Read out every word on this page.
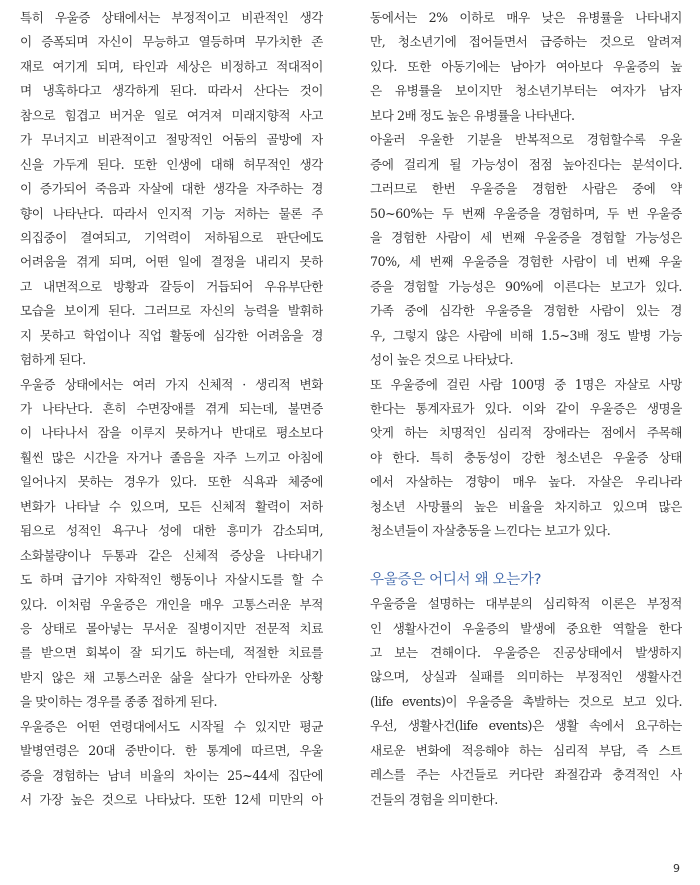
특히 우울증 상태에서는 부정적이고 비관적인 생각
이 증폭되며 자신이 무능하고 열등하며 무가치한 존
재로 여기게 되며, 타인과 세상은 비정하고 적대적이
며 냉혹하다고 생각하게 된다. 따라서 산다는 것이
참으로 힘겹고 버거운 일로 여겨져 미래지향적 사고
가 무너지고 비관적이고 절망적인 어둠의 골방에 자
신을 가두게 된다. 또한 인생에 대해 허무적인 생각
이 증가되어 죽음과 자살에 대한 생각을 자주하는 경
향이 나타난다. 따라서 인지적 기능 저하는 물론 주
의집중이 결여되고, 기억력이 저하됨으로 판단에도
어려움을 겪게 되며, 어떤 일에 결정을 내리지 못하
고 내면적으로 방황과 갈등이 거듭되어 우유부단한
모습을 보이게 된다. 그러므로 자신의 능력을 발휘하
지 못하고 학업이나 직업 활동에 심각한 어려움을 경
험하게 된다.
우울증 상태에서는 여러 가지 신체적 · 생리적 변화
가 나타난다. 흔히 수면장애를 겪게 되는데, 불면증
이 나타나서 잠을 이루지 못하거나 반대로 평소보다
훨씬 많은 시간을 자거나 졸음을 자주 느끼고 아침에
일어나지 못하는 경우가 있다. 또한 식욕과 체중에
변화가 나타날 수 있으며, 모든 신체적 활력이 저하
됨으로 성적인 욕구나 성에 대한 흥미가 감소되며,
소화불량이나 두통과 같은 신체적 증상을 나타내기
도 하며 급기야 자학적인 행동이나 자살시도를 할 수
있다. 이처럼 우울증은 개인을 매우 고통스러운 부적
응 상태로 몰아넣는 무서운 질병이지만 전문적 치료
를 받으면 회복이 잘 되기도 하는데, 적절한 치료를
받지 않은 채 고통스러운 삶을 살다가 안타까운 상황
을 맞이하는 경우를 종종 접하게 된다.
우울증은 어떤 연령대에서도 시작될 수 있지만 평균
발병연령은 20대 중반이다. 한 통계에 따르면, 우울
증을 경험하는 남녀 비율의 차이는 25~44세 집단에
서 가장 높은 것으로 나타났다. 또한 12세 미만의 아
동에서는 2% 이하로 매우 낮은 유병률을 나타내지
만, 청소년기에 접어들면서 급증하는 것으로 알려져
있다. 또한 아동기에는 남아가 여아보다 우울증의 높
은 유병률을 보이지만 청소년기부터는 여자가 남자
보다 2배 정도 높은 유병률을 나타낸다.
아울러 우울한 기분을 반복적으로 경험할수록 우울
증에 걸리게 될 가능성이 점점 높아진다는 분석이다.
그러므로 한번 우울증을 경험한 사람은 중에 약
50~60%는 두 번째 우울증을 경험하며, 두 번 우울증
을 경험한 사람이 세 번째 우울증을 경험할 가능성은
70%, 세 번째 우울증을 경험한 사람이 네 번째 우울
증을 경험할 가능성은 90%에 이른다는 보고가 있다.
가족 중에 심각한 우울증을 경험한 사람이 있는 경
우, 그렇지 않은 사람에 비해 1.5~3배 정도 발병 가능
성이 높은 것으로 나타났다.
또 우울증에 걸린 사람 100명 중 1명은 자살로 사망
한다는 통계자료가 있다. 이와 같이 우울증은 생명을
앗게 하는 치명적인 심리적 장애라는 점에서 주목해
야 한다. 특히 충동성이 강한 청소년은 우울증 상태
에서 자살하는 경향이 매우 높다. 자살은 우리나라
청소년 사망률의 높은 비율을 차지하고 있으며 많은
청소년들이 자살충동을 느낀다는 보고가 있다.
우울증은 어디서 왜 오는가?
우울증을 설명하는 대부분의 심리학적 이론은 부정적
인 생활사건이 우울증의 발생에 중요한 역할을 한다
고 보는 견해이다. 우울증은 진공상태에서 발생하지
않으며, 상실과 실패를 의미하는 부정적인 생활사건
(life events)이 우울증을 촉발하는 것으로 보고 있다.
우선, 생활사건(life events)은 생활 속에서 요구하는
새로운 변화에 적응해야 하는 심리적 부담, 즉 스트
레스를 주는 사건들로 커다란 좌절감과 충격적인 사
건들의 경험을 의미한다.
9
